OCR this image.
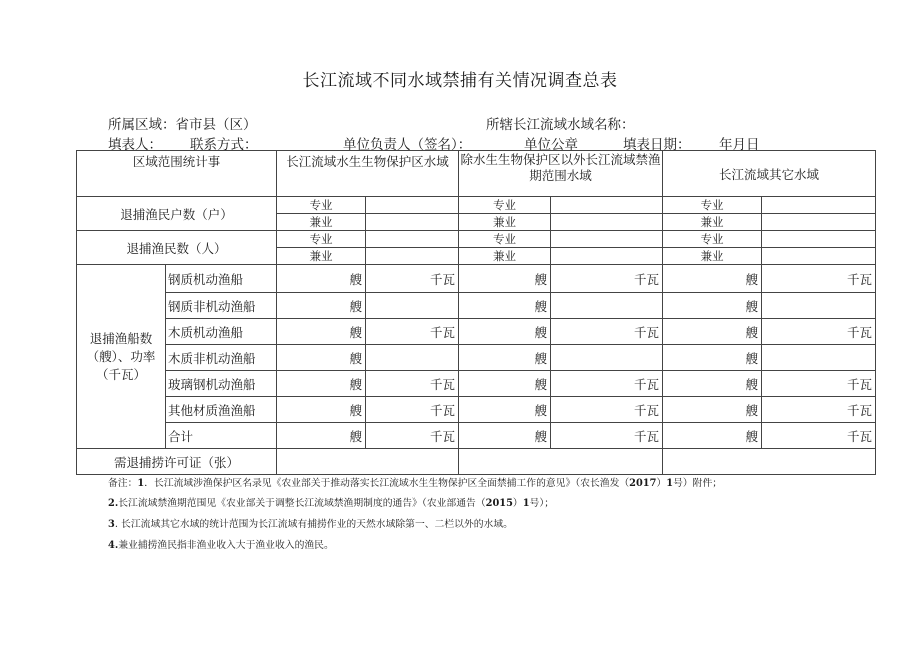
长江流域不同水域禁捕有关情况调查总表
所属区域：省市县（区）	所辖长江流域水域名称：
填表人： 联系方式：	单位负责人（签名）：	单位公章	填表日期： 年月日
区域范围统计事		长江流域水生生物保护区水域		除水生生物保护区以外长江流域禁渔
期范围水域		长江流域其它水域	
退捕渔民户数（户）		专业		专业		专业	
		兼业		兼业		兼业	
退捕渔民数（人）		专业		专业		专业	
		兼业		兼业		兼业	
退捕渔船数
（艘）、功率
（千瓦）	钢质机动渔船	艘	千瓦	艘	千瓦	艘	千瓦
	钢质非机动渔船	艘		艘		艘	
	木质机动渔船	艘	千瓦	艘	千瓦	艘	千瓦
	木质非机动渔船	艘		艘		艘	
	玻璃钢机动渔船	艘	千瓦	艘	千瓦	艘	千瓦
	其他材质渔渔船	艘	千瓦	艘	千瓦	艘	千瓦
	合计	艘	千瓦	艘	千瓦	艘	千瓦
需退捕捞许可证（张）							
备注：1．长江流域涉渔保护区名录见《农业部关于推动落实长江流域水生生物保护区全面禁捕工作的意见》（农长渔发（2017）1号）附件；
2.长江流域禁渔期范围见《农业部关于调整长江流域禁渔期制度的通告》（农业部通告（2015）1号）；
3. 长江流域其它水域的统计范围为长江流域有捕捞作业的天然水域除第一、二栏以外的水域。
4.兼业捕捞渔民指非渔业收入大于渔业收入的渔民。
